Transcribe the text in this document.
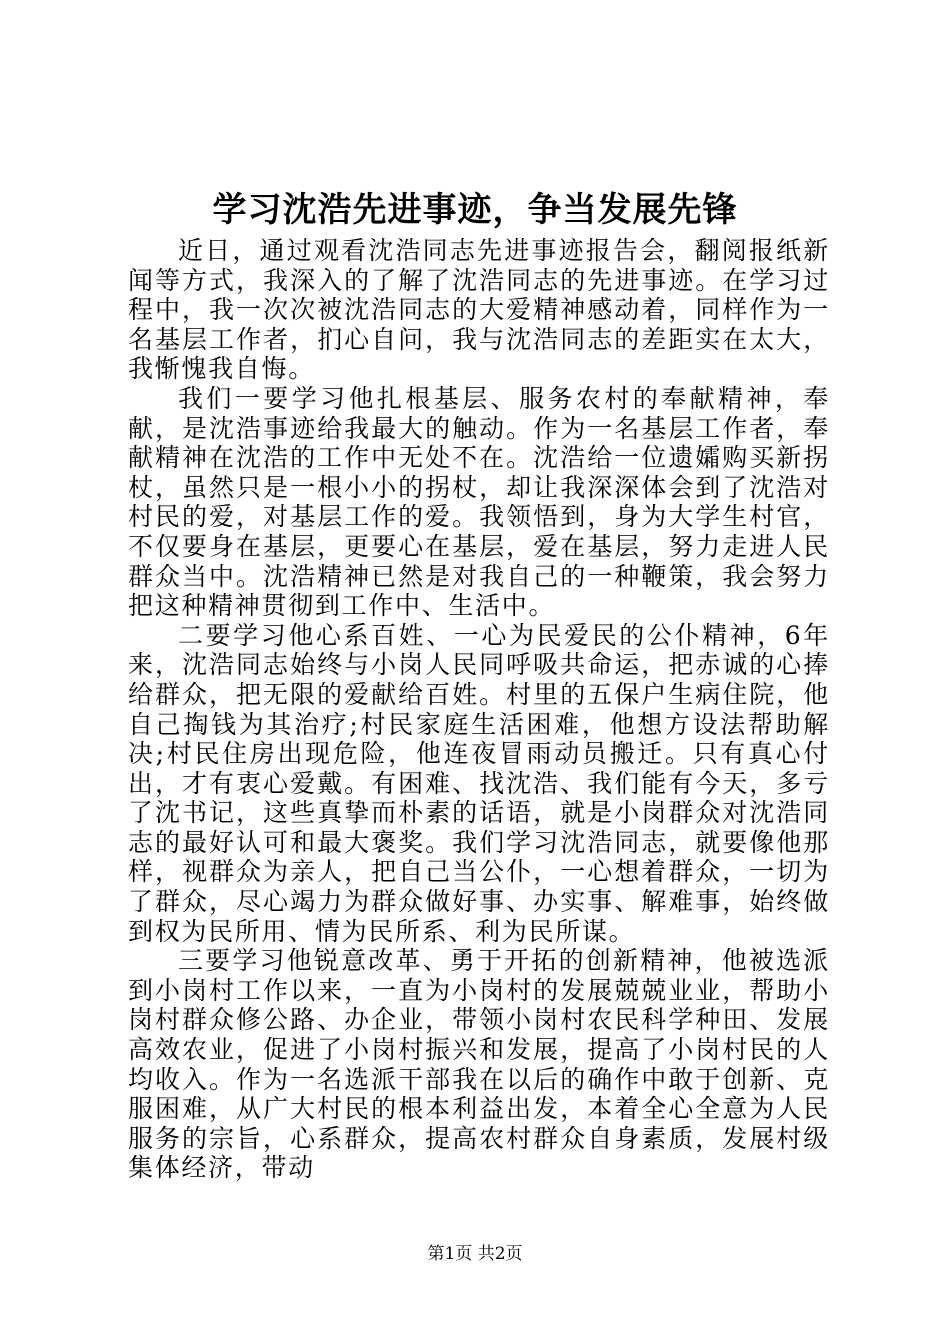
学习沈浩先进事迹，争当发展先锋

近日，通过观看沈浩同志先进事迹报告会，翻阅报纸新闻等方式，我深入的了解了沈浩同志的先进事迹。在学习过程中，我一次次被沈浩同志的大爱精神感动着，同样作为一名基层工作者，扪心自问，我与沈浩同志的差距实在太大，我惭愧我自悔。

我们一要学习他扎根基层、服务农村的奉献精神，奉献，是沈浩事迹给我最大的触动。作为一名基层工作者，奉献精神在沈浩的工作中无处不在。沈浩给一位遗孀购买新拐杖，虽然只是一根小小的拐杖，却让我深深体会到了沈浩对村民的爱，对基层工作的爱。我领悟到，身为大学生村官，不仅要身在基层，更要心在基层，爱在基层，努力走进人民群众当中。沈浩精神已然是对我自己的一种鞭策，我会努力把这种精神贯彻到工作中、生活中。

二要学习他心系百姓、一心为民爱民的公仆精神，6年来，沈浩同志始终与小岗人民同呼吸共命运，把赤诚的心捧给群众，把无限的爱献给百姓。村里的五保户生病住院，他自己掏钱为其治疗;村民家庭生活困难，他想方设法帮助解决;村民住房出现危险，他连夜冒雨动员搬迁。只有真心付出，才有衷心爱戴。有困难、找沈浩、我们能有今天，多亏了沈书记，这些真挚而朴素的话语，就是小岗群众对沈浩同志的最好认可和最大褒奖。我们学习沈浩同志，就要像他那样，视群众为亲人，把自己当公仆，一心想着群众，一切为了群众，尽心竭力为群众做好事、办实事、解难事，始终做到权为民所用、情为民所系、利为民所谋。

三要学习他锐意改革、勇于开拓的创新精神，他被选派到小岗村工作以来，一直为小岗村的发展兢兢业业，帮助小岗村群众修公路、办企业，带领小岗村农民科学种田、发展高效农业，促进了小岗村振兴和发展，提高了小岗村民的人均收入。作为一名选派干部我在以后的确作中敢于创新、克服困难，从广大村民的根本利益出发，本着全心全意为人民服务的宗旨，心系群众，提高农村群众自身素质，发展村级集体经济，带动

第1页 共2页
